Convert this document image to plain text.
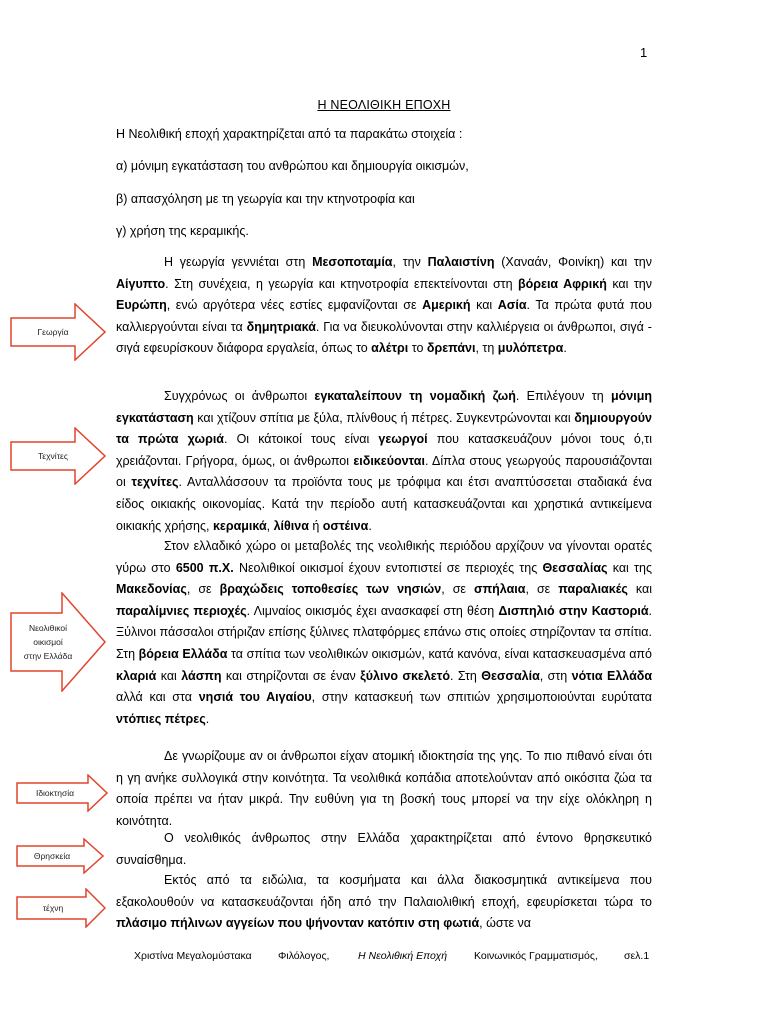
1
Η ΝΕΟΛΙΘΙΚΗ ΕΠΟΧΗ
Η Νεολιθική εποχή χαρακτηρίζεται από τα παρακάτω στοιχεία :
α) μόνιμη εγκατάσταση του ανθρώπου και δημιουργία οικισμών,
β) απασχόληση με τη γεωργία και την κτηνοτροφία και
γ) χρήση της κεραμικής.
Η γεωργία γεννιέται στη Μεσοποταμία, την Παλαιστίνη (Χαναάν, Φοινίκη) και την Αίγυπτο. Στη συνέχεια, η γεωργία και κτηνοτροφία επεκτείνονται στη βόρεια Αφρική και την Ευρώπη, ενώ αργότερα νέες εστίες εμφανίζονται σε Αμερική και Ασία. Τα πρώτα φυτά που καλλιεργούνται είναι τα δημητριακά. Για να διευκολύνονται στην καλλιέργεια οι άνθρωποι, σιγά - σιγά εφευρίσκουν διάφορα εργαλεία, όπως το αλέτρι το δρεπάνι, τη μυλόπετρα.
Συγχρόνως οι άνθρωποι εγκαταλείπουν τη νομαδική ζωή. Επιλέγουν τη μόνιμη εγκατάσταση και χτίζουν σπίτια με ξύλα, πλίνθους ή πέτρες. Συγκεντρώνονται και δημιουργούν τα πρώτα χωριά. Οι κάτοικοί τους είναι γεωργοί που κατασκευάζουν μόνοι τους ό,τι χρειάζονται. Γρήγορα, όμως, οι άνθρωποι ειδικεύονται. Δίπλα στους γεωργούς παρουσιάζονται οι τεχνίτες. Ανταλλάσσουν τα προϊόντα τους με τρόφιμα και έτσι αναπτύσσεται σταδιακά ένα είδος οικιακής οικονομίας. Κατά την περίοδο αυτή κατασκευάζονται και χρηστικά αντικείμενα οικιακής χρήσης, κεραμικά, λίθινα ή οστέινα.
Στον ελλαδικό χώρο οι μεταβολές της νεολιθικής περιόδου αρχίζουν να γίνονται ορατές γύρω στο 6500 π.Χ. Νεολιθικοί οικισμοί έχουν εντοπιστεί σε περιοχές της Θεσσαλίας και της Μακεδονίας, σε βραχώδεις τοποθεσίες των νησιών, σε σπήλαια, σε παραλιακές και παραλίμνιες περιοχές. Λιμναίος οικισμός έχει ανασκαφεί στη θέση Δισπηλιό στην Καστοριά. Ξύλινοι πάσσαλοι στήριζαν επίσης ξύλινες πλατφόρμες επάνω στις οποίες στηρίζονταν τα σπίτια. Στη βόρεια Ελλάδα τα σπίτια των νεολιθικών οικισμών, κατά κανόνα, είναι κατασκευασμένα από κλαριά και λάσπη και στηρίζονται σε έναν ξύλινο σκελετό. Στη Θεσσαλία, στη νότια Ελλάδα αλλά και στα νησιά του Αιγαίου, στην κατασκευή των σπιτιών χρησιμοποιούνται ευρύτατα ντόπιες πέτρες.
Δε γνωρίζουμε αν οι άνθρωποι είχαν ατομική ιδιοκτησία της γης. Το πιο πιθανό είναι ότι η γη ανήκε συλλογικά στην κοινότητα. Τα νεολιθικά κοπάδια αποτελούνταν από οικόσιτα ζώα τα οποία πρέπει να ήταν μικρά. Την ευθύνη για τη βοσκή τους μπορεί να την είχε ολόκληρη η κοινότητα.
Ο νεολιθικός άνθρωπος στην Ελλάδα χαρακτηρίζεται από έντονο θρησκευτικό συναίσθημα.
Εκτός από τα ειδώλια, τα κοσμήματα και άλλα διακοσμητικά αντικείμενα που εξακολουθούν να κατασκευάζονται ήδη από την Παλαιολιθική εποχή, εφευρίσκεται τώρα το πλάσιμο πήλινων αγγείων που ψήνονταν κατόπιν στη φωτιά, ώστε να
Γεωργία
Τεχνίτες
Νεολιθικοί
οικισμοί
στην Ελλάδα
Ιδιοκτησία
Θρησκεία
τέχνη
Χριστίνα Μεγαλομύστακα	Φιλόλογος,	Η Νεολιθική Εποχή	Κοινωνικός Γραμματισμός, σελ.1
